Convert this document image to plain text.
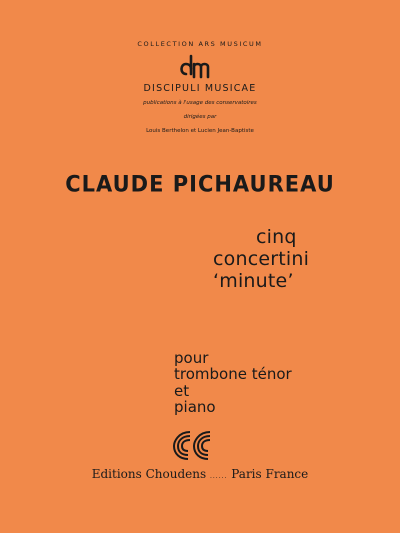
COLLECTION ARS MUSICUM
DISCIPULI MUSICAE
publications à l'usage des conservatoires
dirigées par
Louis Berthelon et Lucien Jean-Baptiste
CLAUDE PICHAUREAU
cinq
concertini
‘minute’
pour
trombone ténor
et
piano
Editions Choudens ...... Paris France
